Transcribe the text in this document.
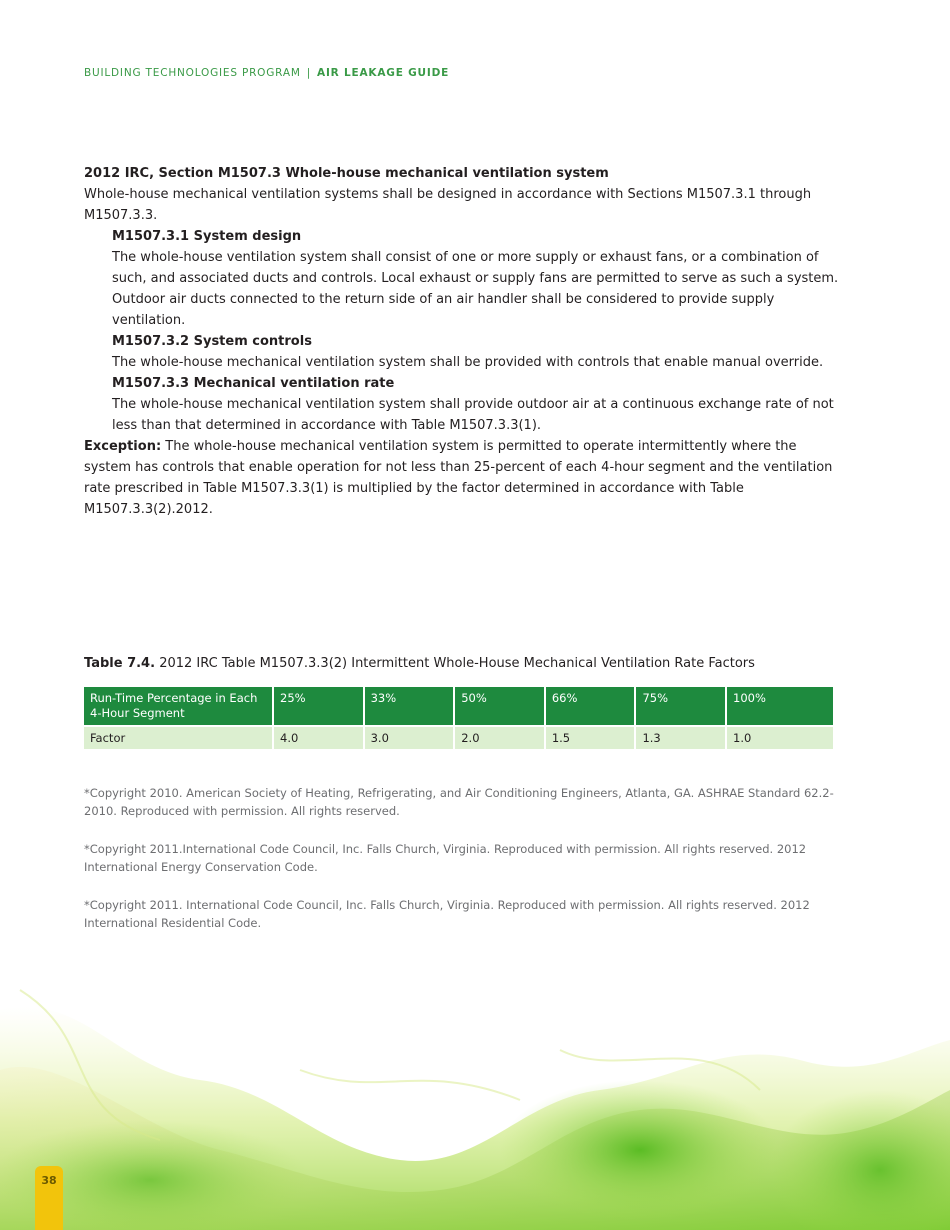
BUILDING TECHNOLOGIES PROGRAM | AIR LEAKAGE GUIDE

2012 IRC, Section M1507.3 Whole-house mechanical ventilation system

Whole-house mechanical ventilation systems shall be designed in accordance with Sections M1507.3.1 through M1507.3.3.

M1507.3.1 System design

The whole-house ventilation system shall consist of one or more supply or exhaust fans, or a combination of such, and associated ducts and controls. Local exhaust or supply fans are permitted to serve as such a system. Outdoor air ducts connected to the return side of an air handler shall be considered to provide supply ventilation.

M1507.3.2 System controls

The whole-house mechanical ventilation system shall be provided with controls that enable manual override.

M1507.3.3 Mechanical ventilation rate

The whole-house mechanical ventilation system shall provide outdoor air at a continuous exchange rate of not less than that determined in accordance with Table M1507.3.3(1).

Exception: The whole-house mechanical ventilation system is permitted to operate intermittently where the system has controls that enable operation for not less than 25-percent of each 4-hour segment and the ventilation rate prescribed in Table M1507.3.3(1) is multiplied by the factor determined in accordance with Table M1507.3.3(2).2012.

Table 7.4. 2012 IRC Table M1507.3.3(2) Intermittent Whole-House Mechanical Ventilation Rate Factors
Run-Time Percentage in Each 4-Hour Segment	25%	33%	50%	66%	75%	100%
Factor	4.0	3.0	2.0	1.5	1.3	1.0

*Copyright 2010. American Society of Heating, Refrigerating, and Air Conditioning Engineers, Atlanta, GA. ASHRAE Standard 62.2-2010. Reproduced with permission. All rights reserved.

*Copyright 2011.International Code Council, Inc. Falls Church, Virginia. Reproduced with permission. All rights reserved. 2012 International Energy Conservation Code.

*Copyright 2011. International Code Council, Inc. Falls Church, Virginia. Reproduced with permission. All rights reserved. 2012 International Residential Code.

38
